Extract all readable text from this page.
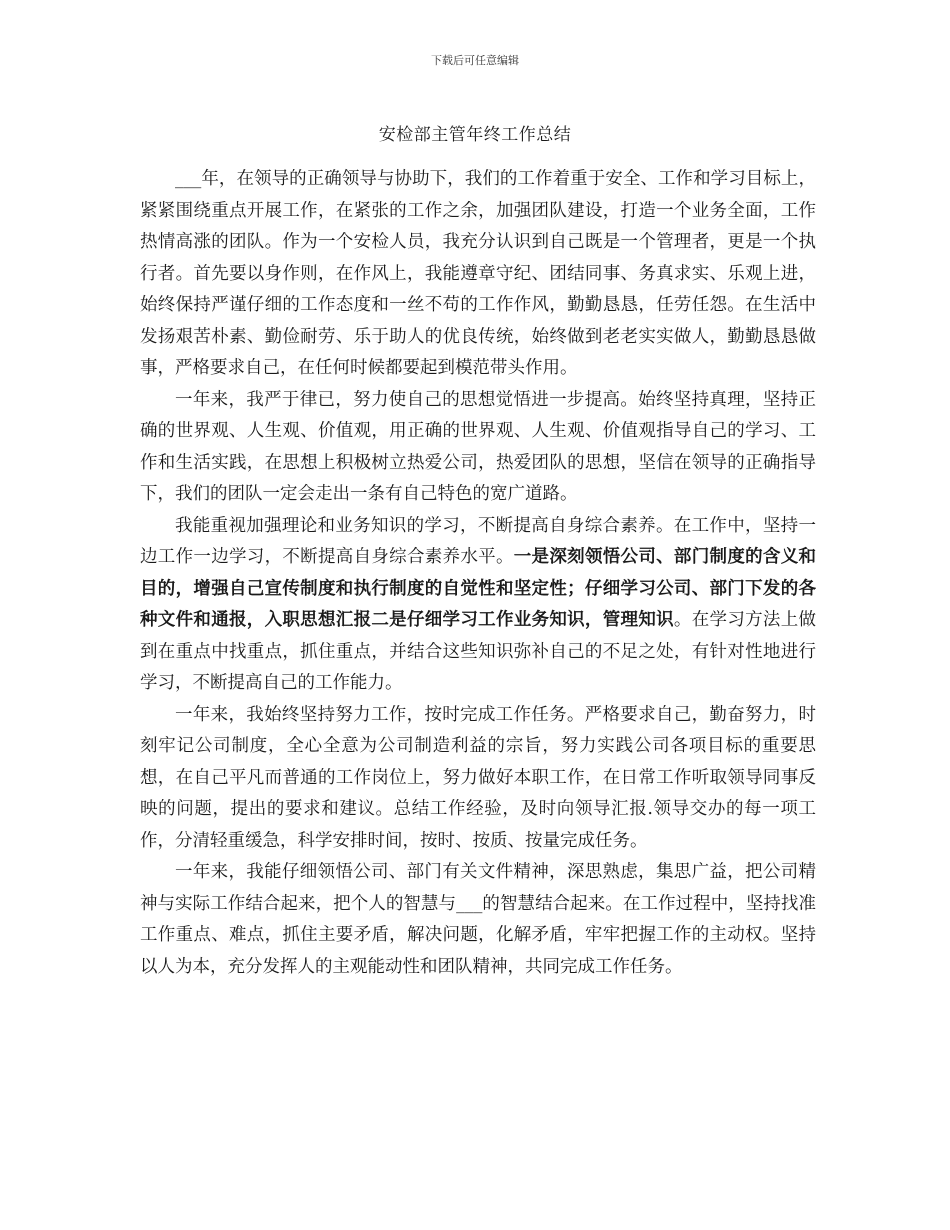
下载后可任意编辑
安检部主管年终工作总结

___年，在领导的正确领导与协助下，我们的工作着重于安全、工作和学习目标上，紧紧围绕重点开展工作，在紧张的工作之余，加强团队建设，打造一个业务全面，工作热情高涨的团队。作为一个安检人员，我充分认识到自己既是一个管理者，更是一个执行者。首先要以身作则，在作风上，我能遵章守纪、团结同事、务真求实、乐观上进，始终保持严谨仔细的工作态度和一丝不苟的工作作风，勤勤恳恳，任劳任怨。在生活中发扬艰苦朴素、勤俭耐劳、乐于助人的优良传统，始终做到老老实实做人，勤勤恳恳做事，严格要求自己，在任何时候都要起到模范带头作用。

一年来，我严于律已，努力使自己的思想觉悟进一步提高。始终坚持真理，坚持正确的世界观、人生观、价值观，用正确的世界观、人生观、价值观指导自己的学习、工作和生活实践，在思想上积极树立热爱公司，热爱团队的思想，坚信在领导的正确指导下，我们的团队一定会走出一条有自己特色的宽广道路。

我能重视加强理论和业务知识的学习，不断提高自身综合素养。在工作中，坚持一边工作一边学习，不断提高自身综合素养水平。一是深刻领悟公司、部门制度的含义和目的，增强自己宣传制度和执行制度的自觉性和坚定性；仔细学习公司、部门下发的各种文件和通报，入职思想汇报二是仔细学习工作业务知识，管理知识。在学习方法上做到在重点中找重点，抓住重点，并结合这些知识弥补自己的不足之处，有针对性地进行学习，不断提高自己的工作能力。

一年来，我始终坚持努力工作，按时完成工作任务。严格要求自己，勤奋努力，时刻牢记公司制度，全心全意为公司制造利益的宗旨，努力实践公司各项目标的重要思想，在自己平凡而普通的工作岗位上，努力做好本职工作，在日常工作听取领导同事反映的问题，提出的要求和建议。总结工作经验，及时向领导汇报.领导交办的每一项工作，分清轻重缓急，科学安排时间，按时、按质、按量完成任务。

一年来，我能仔细领悟公司、部门有关文件精神，深思熟虑，集思广益，把公司精神与实际工作结合起来，把个人的智慧与___的智慧结合起来。在工作过程中，坚持找准工作重点、难点，抓住主要矛盾，解决问题，化解矛盾，牢牢把握工作的主动权。坚持以人为本，充分发挥人的主观能动性和团队精神，共同完成工作任务。
